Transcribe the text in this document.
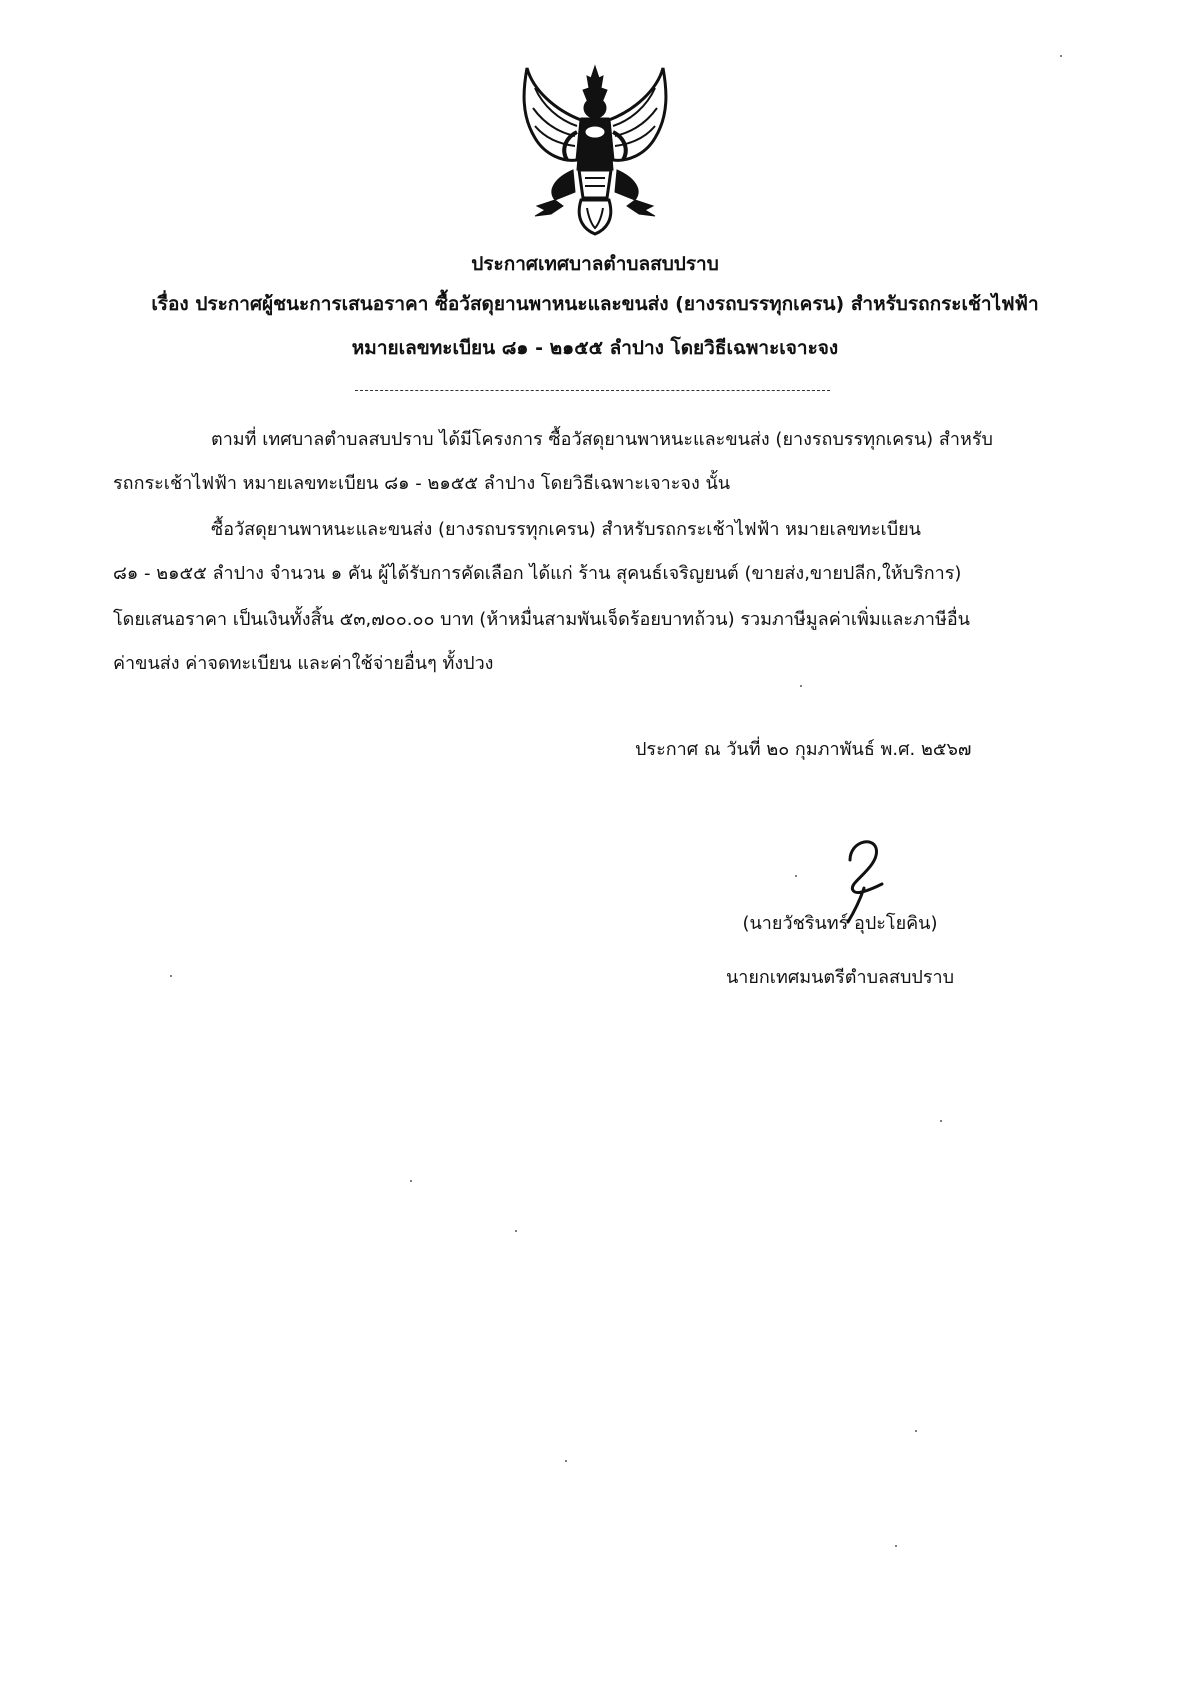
ประกาศเทศบาลตำบลสบปราบ
เรื่อง ประกาศผู้ชนะการเสนอราคา ซื้อวัสดุยานพาหนะและขนส่ง (ยางรถบรรทุกเครน) สำหรับรถกระเช้าไฟฟ้า
หมายเลขทะเบียน ๘๑ - ๒๑๕๕ ลำปาง โดยวิธีเฉพาะเจาะจง
ตามที่ เทศบาลตำบลสบปราบ ได้มีโครงการ ซื้อวัสดุยานพาหนะและขนส่ง (ยางรถบรรทุกเครน) สำหรับ
รถกระเช้าไฟฟ้า หมายเลขทะเบียน ๘๑ - ๒๑๕๕ ลำปาง โดยวิธีเฉพาะเจาะจง นั้น
ซื้อวัสดุยานพาหนะและขนส่ง (ยางรถบรรทุกเครน) สำหรับรถกระเช้าไฟฟ้า หมายเลขทะเบียน
๘๑ - ๒๑๕๕ ลำปาง จำนวน ๑ คัน ผู้ได้รับการคัดเลือก ได้แก่ ร้าน สุคนธ์เจริญยนต์ (ขายส่ง,ขายปลีก,ให้บริการ)
โดยเสนอราคา เป็นเงินทั้งสิ้น ๕๓,๗๐๐.๐๐ บาท (ห้าหมื่นสามพันเจ็ดร้อยบาทถ้วน) รวมภาษีมูลค่าเพิ่มและภาษีอื่น
ค่าขนส่ง ค่าจดทะเบียน และค่าใช้จ่ายอื่นๆ ทั้งปวง
ประกาศ ณ วันที่ ๒๐ กุมภาพันธ์ พ.ศ. ๒๕๖๗
(นายวัชรินทร์ อุปะโยคิน)
นายกเทศมนตรีตำบลสบปราบ
